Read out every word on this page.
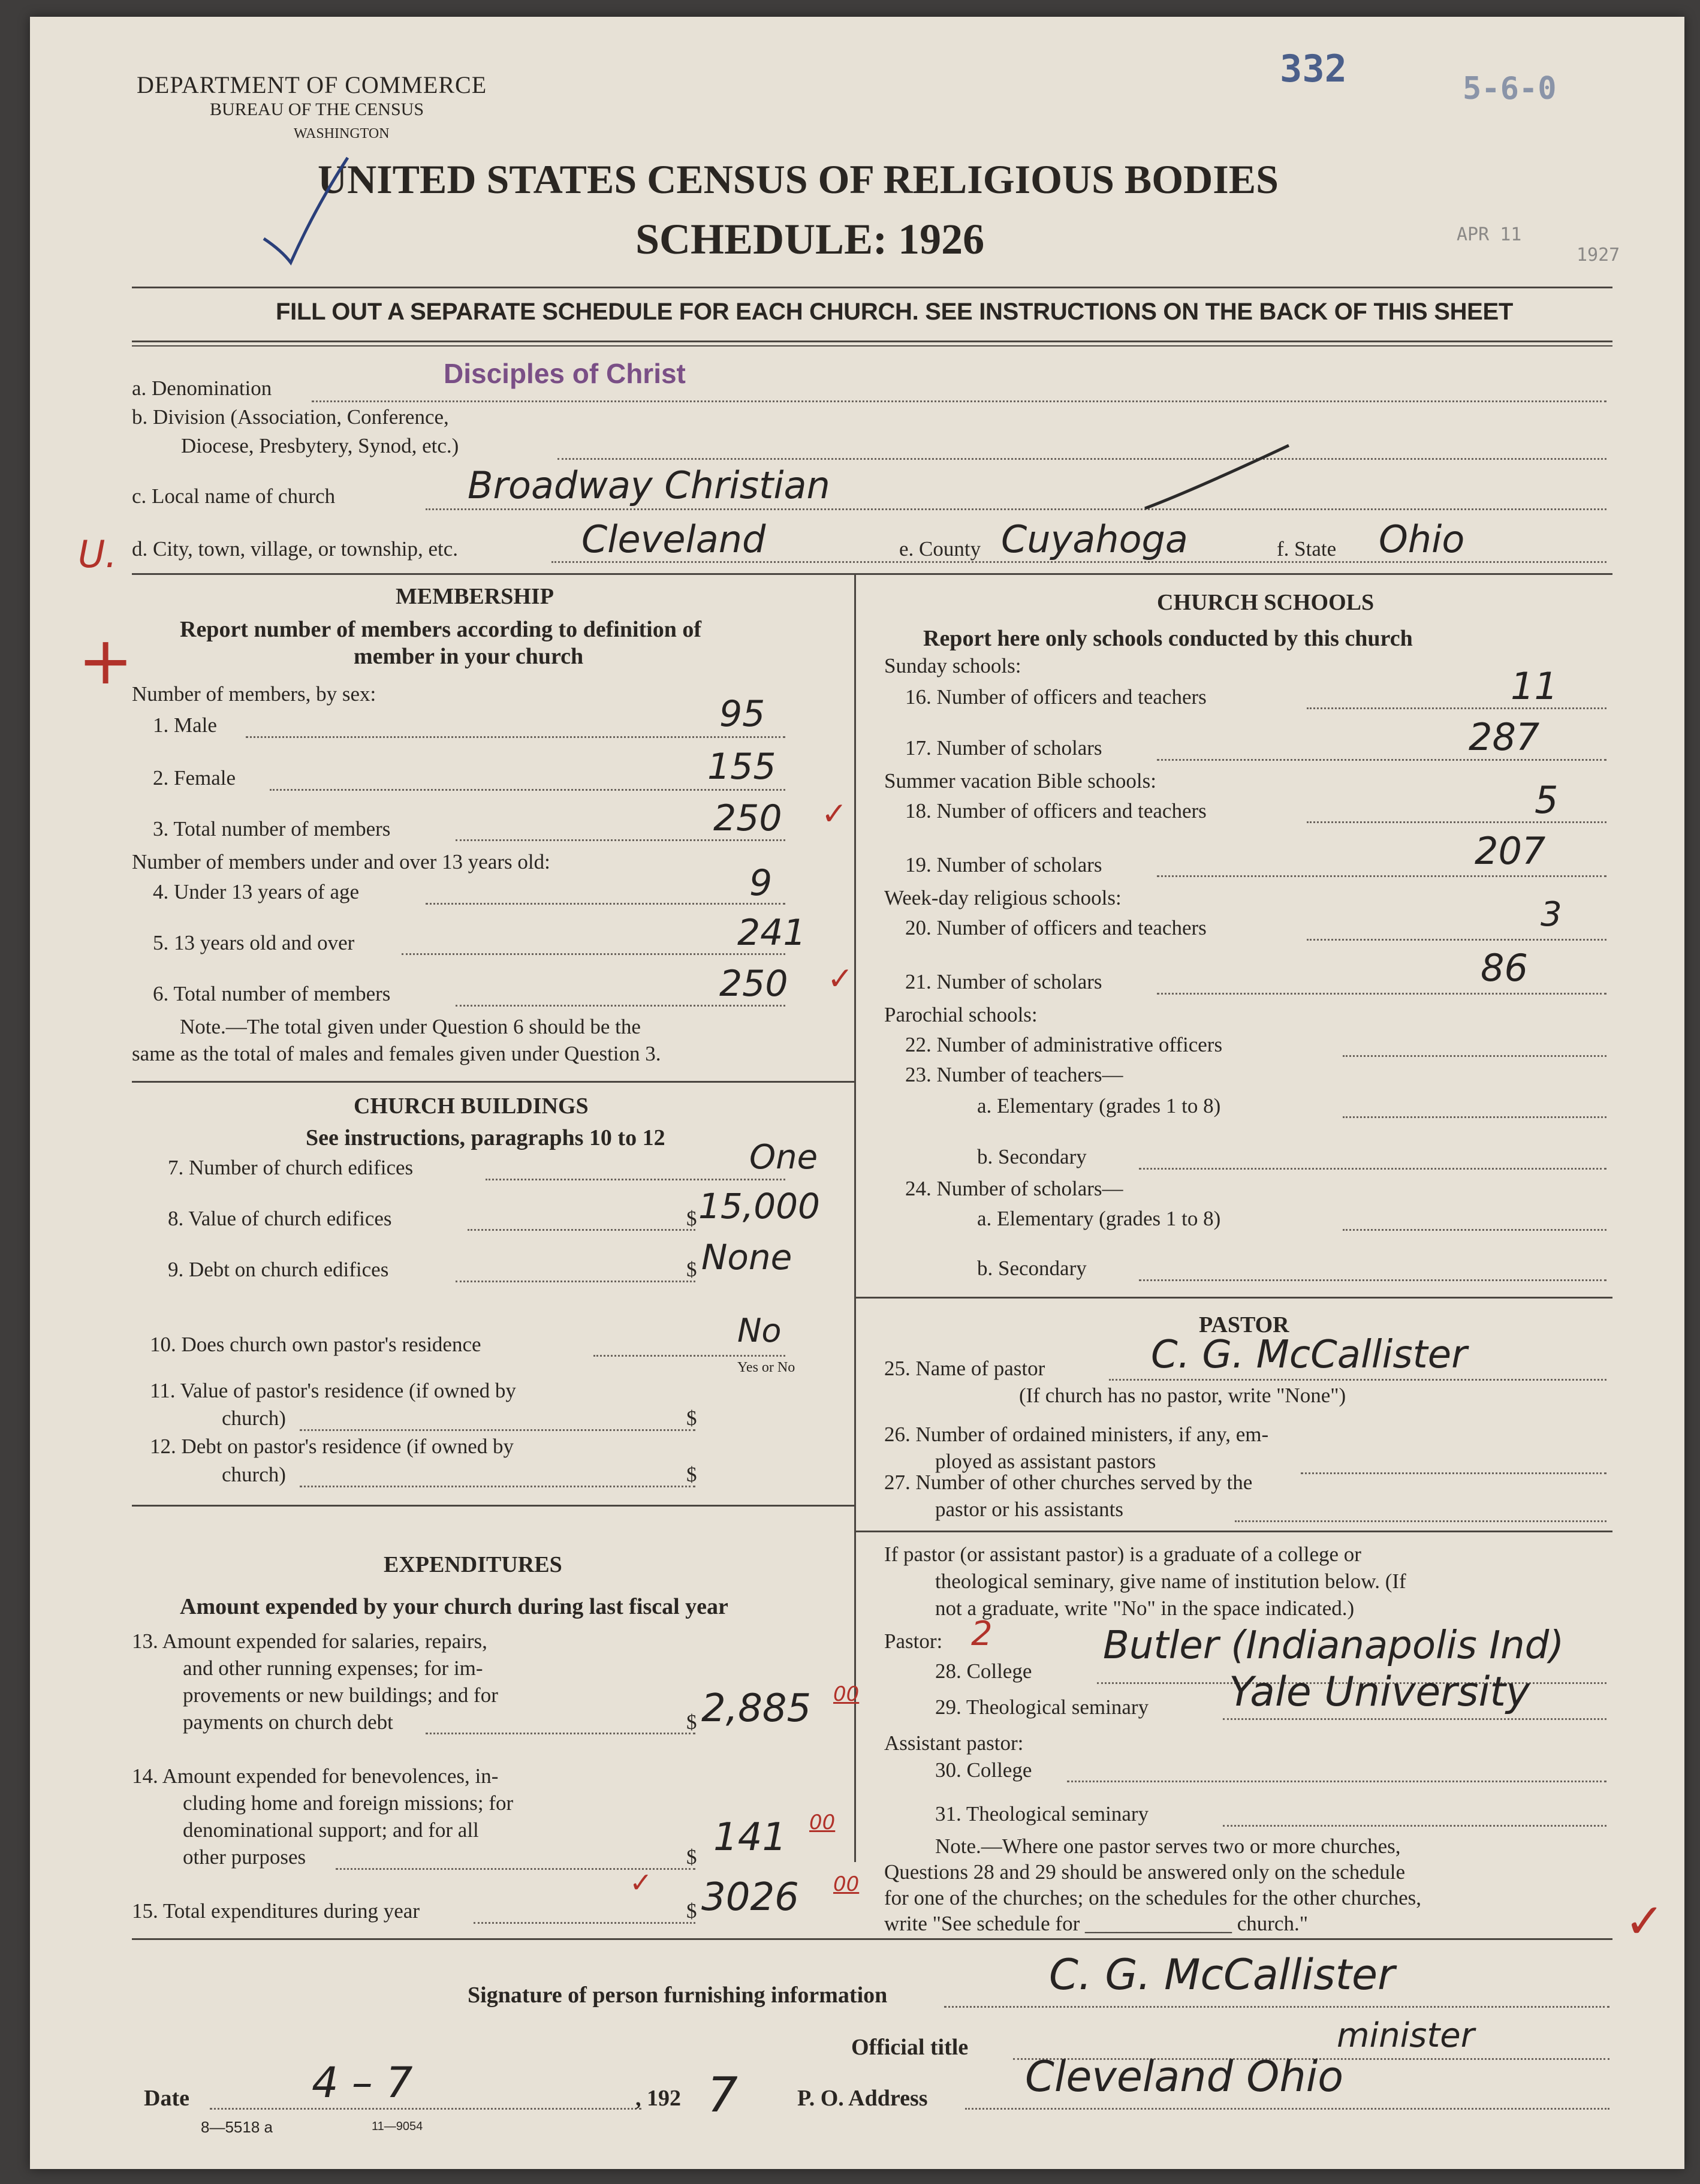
DEPARTMENT OF COMMERCE
BUREAU OF THE CENSUS
WASHINGTON
UNITED STATES CENSUS OF RELIGIOUS BODIES
SCHEDULE: 1926
332	5-6-0
APR 11
1927
FILL OUT A SEPARATE SCHEDULE FOR EACH CHURCH. SEE INSTRUCTIONS ON THE BACK OF THIS SHEET
a. Denomination	Disciples of Christ
b. Division (Association, Conference,
Diocese, Presbytery, Synod, etc.)
c. Local name of church	Broadway Christian
U. d. City, town, village, or township, etc.	Cleveland	e. County Cuyahoga	f. State Ohio
MEMBERSHIP
Report number of members according to definition of
member in your church
+
Number of members, by sex:
1. Male	95
2. Female	155
3. Total number of members	250 ✓
Number of members under and over 13 years old:
4. Under 13 years of age	9
5. 13 years old and over	241
6. Total number of members	250 ✓
Note.—The total given under Question 6 should be the
same as the total of males and females given under Question 3.
CHURCH BUILDINGS
See instructions, paragraphs 10 to 12
7. Number of church edifices	One
8. Value of church edifices	$ 15,000
9. Debt on church edifices	$ None
10. Does church own pastor's residence	No
Yes or No
11. Value of pastor's residence (if owned by
church)	$
12. Debt on pastor's residence (if owned by
church)	$
EXPENDITURES
Amount expended by your church during last fiscal year
13. Amount expended for salaries, repairs,
and other running expenses; for im-
provements or new buildings; and for
payments on church debt	$ 2,885 00
14. Amount expended for benevolences, in-
cluding home and foreign missions; for
denominational support; and for all
other purposes	$ 141 00
15. Total expenditures during year	$ 3026 00
✓
CHURCH SCHOOLS
Report here only schools conducted by this church
Sunday schools:
16. Number of officers and teachers	11
17. Number of scholars	287
Summer vacation Bible schools:
18. Number of officers and teachers	5
19. Number of scholars	207
Week-day religious schools:
20. Number of officers and teachers	3
21. Number of scholars	86
Parochial schools:
22. Number of administrative officers
23. Number of teachers—
a. Elementary (grades 1 to 8)
b. Secondary
24. Number of scholars—
a. Elementary (grades 1 to 8)
b. Secondary
PASTOR
25. Name of pastor	C. G. McCallister
(If church has no pastor, write "None")
26. Number of ordained ministers, if any, em-
ployed as assistant pastors
27. Number of other churches served by the
pastor or his assistants
If pastor (or assistant pastor) is a graduate of a college or
theological seminary, give name of institution below. (If
not a graduate, write "No" in the space indicated.)
Pastor: 2
28. College
Butler (Indianapolis Ind)
29. Theological seminary Yale University
Assistant pastor:
30. College
31. Theological seminary
Note.—Where one pastor serves two or more churches,
Questions 28 and 29 should be answered only on the schedule
for one of the churches; on the schedules for the other churches,
write "See schedule for ______________ church."	✓
Signature of person furnishing information	C. G. McCallister
Official title	minister
Date	4 – 7	, 192 7	P. O. Address Cleveland Ohio
8—5518 a	11—9054
